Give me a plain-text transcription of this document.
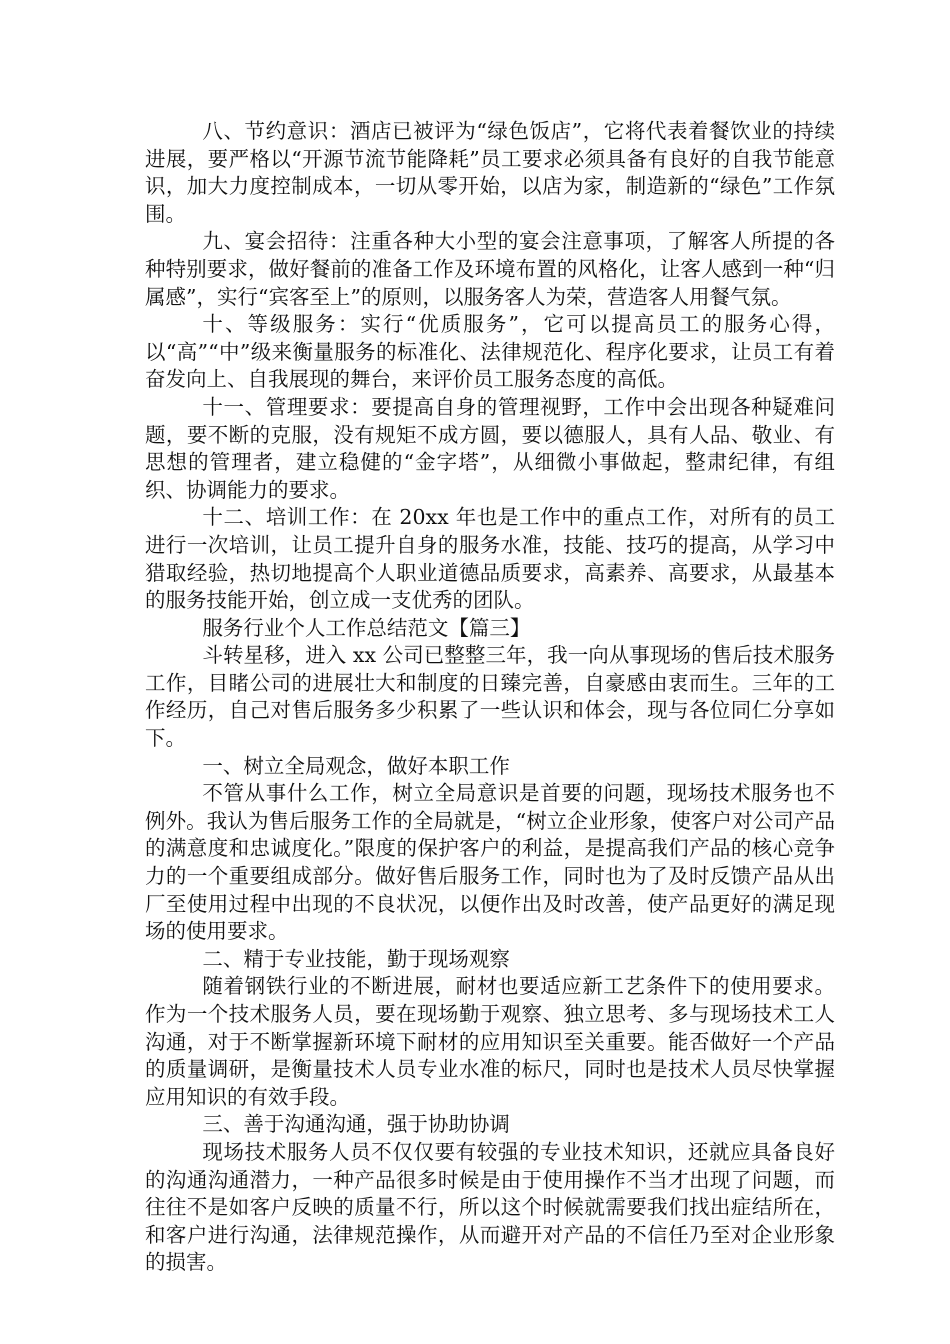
八、节约意识：酒店已被评为“绿色饭店”，它将代表着餐饮业的持续进展，要严格以“开源节流节能降耗”员工要求必须具备有良好的自我节能意识，加大力度控制成本，一切从零开始，以店为家，制造新的“绿色”工作氛围。

九、宴会招待：注重各种大小型的宴会注意事项，了解客人所提的各种特别要求，做好餐前的准备工作及环境布置的风格化，让客人感到一种“归属感”，实行“宾客至上”的原则，以服务客人为荣，营造客人用餐气氛。

十、等级服务：实行“优质服务”，它可以提高员工的服务心得，以“高”“中”级来衡量服务的标准化、法律规范化、程序化要求，让员工有着奋发向上、自我展现的舞台，来评价员工服务态度的高低。

十一、管理要求：要提高自身的管理视野，工作中会出现各种疑难问题，要不断的克服，没有规矩不成方圆，要以德服人，具有人品、敬业、有思想的管理者，建立稳健的“金字塔”，从细微小事做起，整肃纪律，有组织、协调能力的要求。

十二、培训工作：在 20xx 年也是工作中的重点工作，对所有的员工进行一次培训，让员工提升自身的服务水准，技能、技巧的提高，从学习中猎取经验，热切地提高个人职业道德品质要求，高素养、高要求，从最基本的服务技能开始，创立成一支优秀的团队。

服务行业个人工作总结范文【篇三】

斗转星移，进入 xx 公司已整整三年，我一向从事现场的售后技术服务工作，目睹公司的进展壮大和制度的日臻完善，自豪感由衷而生。三年的工作经历，自己对售后服务多少积累了一些认识和体会，现与各位同仁分享如下。

一、树立全局观念，做好本职工作

不管从事什么工作，树立全局意识是首要的问题，现场技术服务也不例外。我认为售后服务工作的全局就是，“树立企业形象，使客户对公司产品的满意度和忠诚度化。”限度的保护客户的利益，是提高我们产品的核心竞争力的一个重要组成部分。做好售后服务工作，同时也为了及时反馈产品从出厂至使用过程中出现的不良状况，以便作出及时改善，使产品更好的满足现场的使用要求。

二、精于专业技能，勤于现场观察

随着钢铁行业的不断进展，耐材也要适应新工艺条件下的使用要求。作为一个技术服务人员，要在现场勤于观察、独立思考、多与现场技术工人沟通，对于不断掌握新环境下耐材的应用知识至关重要。能否做好一个产品的质量调研，是衡量技术人员专业水准的标尺，同时也是技术人员尽快掌握应用知识的有效手段。

三、善于沟通沟通，强于协助协调

现场技术服务人员不仅仅要有较强的专业技术知识，还就应具备良好的沟通沟通潜力，一种产品很多时候是由于使用操作不当才出现了问题，而往往不是如客户反映的质量不行，所以这个时候就需要我们找出症结所在，和客户进行沟通，法律规范操作，从而避开对产品的不信任乃至对企业形象的损害。
